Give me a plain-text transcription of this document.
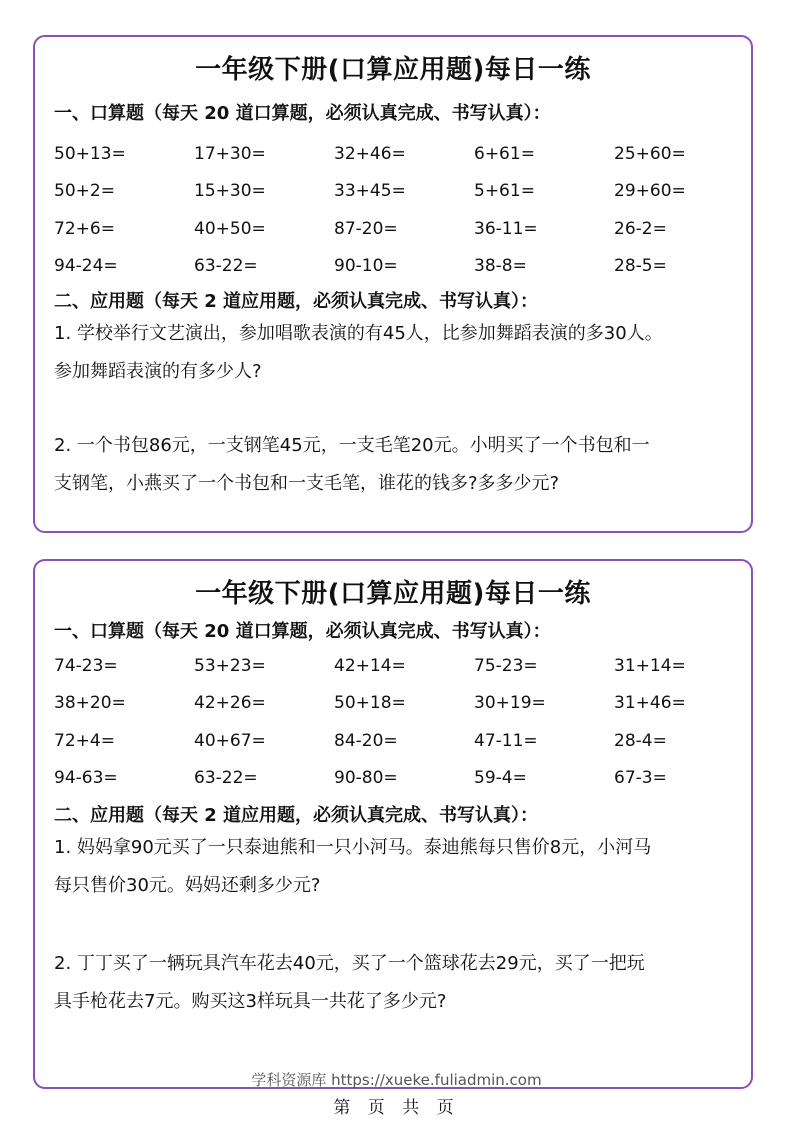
一年级下册(口算应用题)每日一练
一、口算题（每天 20 道口算题，必须认真完成、书写认真）：
50+13=	17+30=	32+46=	6+61=	25+60=
50+2=	15+30=	33+45=	5+61=	29+60=
72+6=	40+50=	87-20=	36-11=	26-2=
94-24=	63-22=	90-10=	38-8=	28-5=
二、应用题（每天 2 道应用题，必须认真完成、书写认真）：
1. 学校举行文艺演出，参加唱歌表演的有45人，比参加舞蹈表演的多30人。
参加舞蹈表演的有多少人?
2. 一个书包86元，一支钢笔45元，一支毛笔20元。小明买了一个书包和一
支钢笔，小燕买了一个书包和一支毛笔，谁花的钱多?多多少元?
一年级下册(口算应用题)每日一练
一、口算题（每天 20 道口算题，必须认真完成、书写认真）：
74-23=	53+23=	42+14=	75-23=	31+14=
38+20=	42+26=	50+18=	30+19=	31+46=
72+4=	40+67=	84-20=	47-11=	28-4=
94-63=	63-22=	90-80=	59-4=	67-3=
二、应用题（每天 2 道应用题，必须认真完成、书写认真）：
1. 妈妈拿90元买了一只泰迪熊和一只小河马。泰迪熊每只售价8元，小河马
每只售价30元。妈妈还剩多少元?
2. 丁丁买了一辆玩具汽车花去40元，买了一个篮球花去29元，买了一把玩
具手枪花去7元。购买这3样玩具一共花了多少元?
学科资源库 https://xueke.fuliadmin.com
第 页 共 页
